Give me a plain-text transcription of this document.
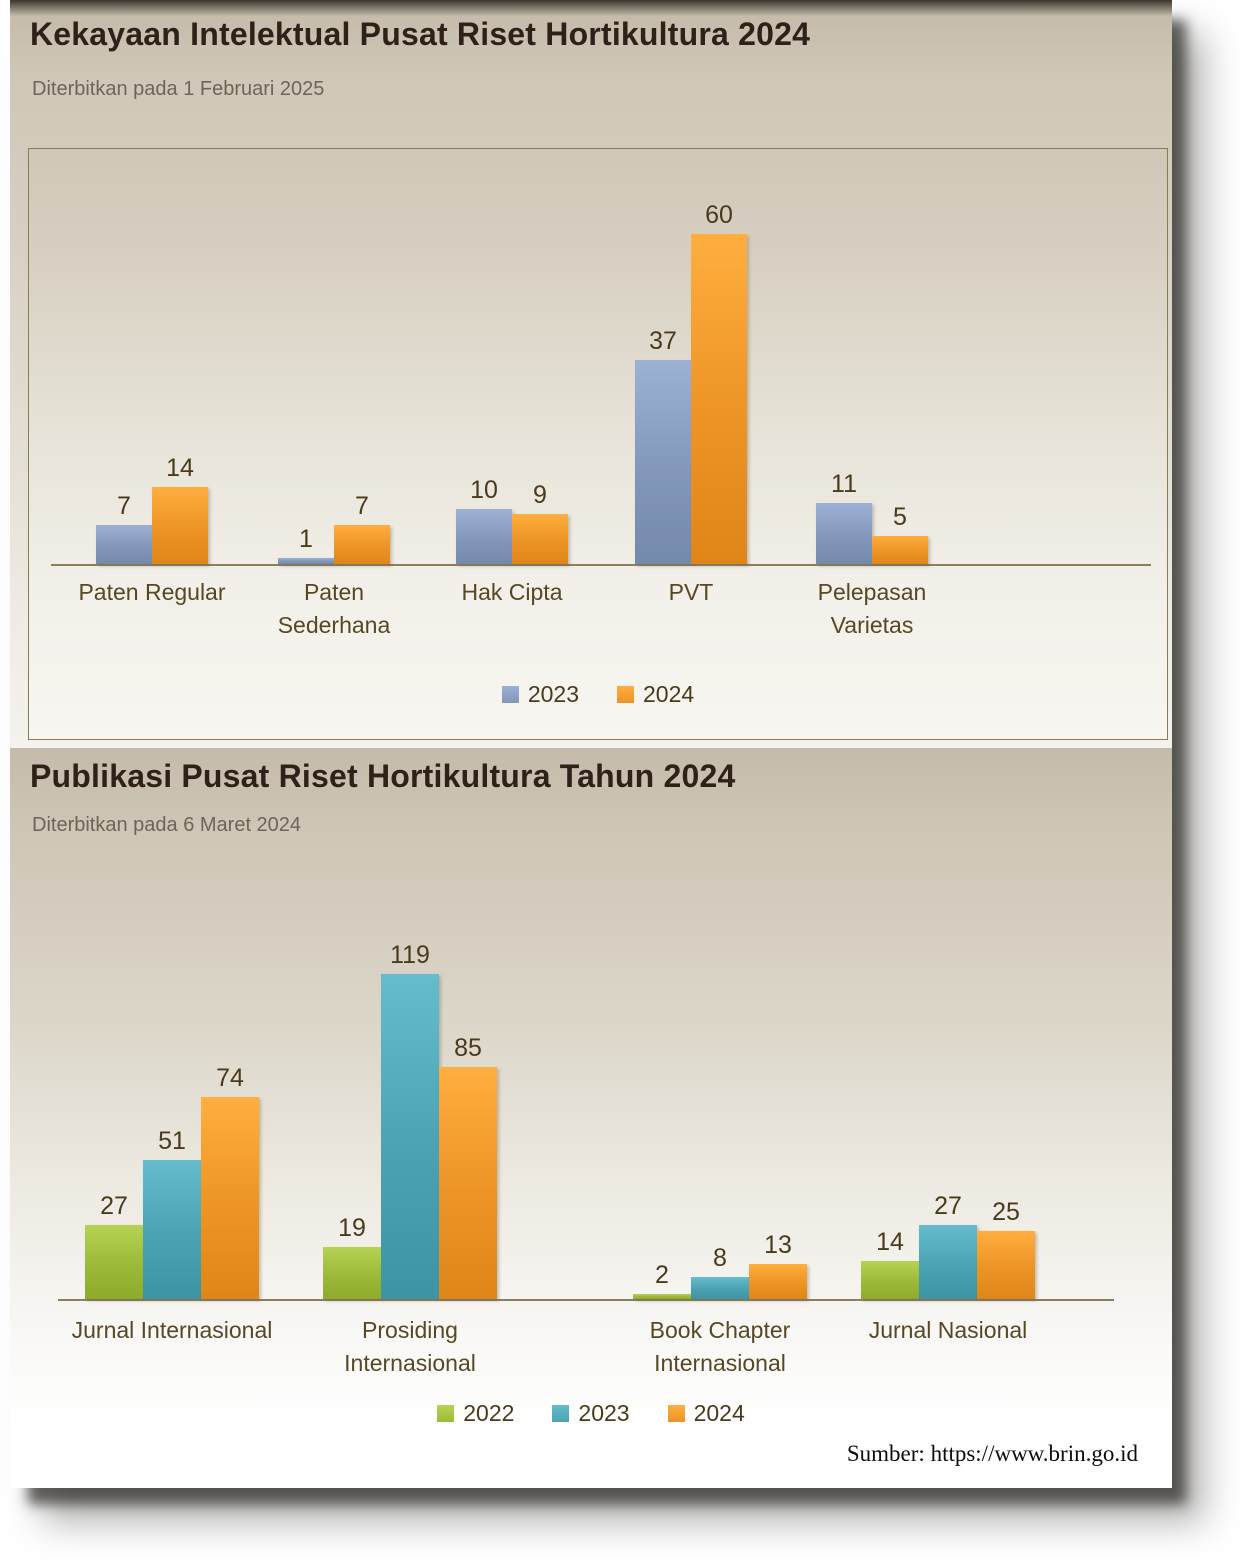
Kekayaan Intelektual Pusat Riset Hortikultura 2024
Diterbitkan pada 1 Februari 2025
2023	2024
7
14
Paten Regular
1
7
Paten Sederhana
10 9
Hak Cipta
37
60
PVT
11
5
Pelepasan Varietas
Publikasi Pusat Riset Hortikultura Tahun 2024
Diterbitkan pada 6 Maret 2024
27
51
74
Jurnal Internasional
19
119
85
Prosiding Internasional
2
8 13
Book Chapter Internasional
14
27 25
Jurnal Nasional
2022	2023	2024
Sumber: https://www.brin.go.id
